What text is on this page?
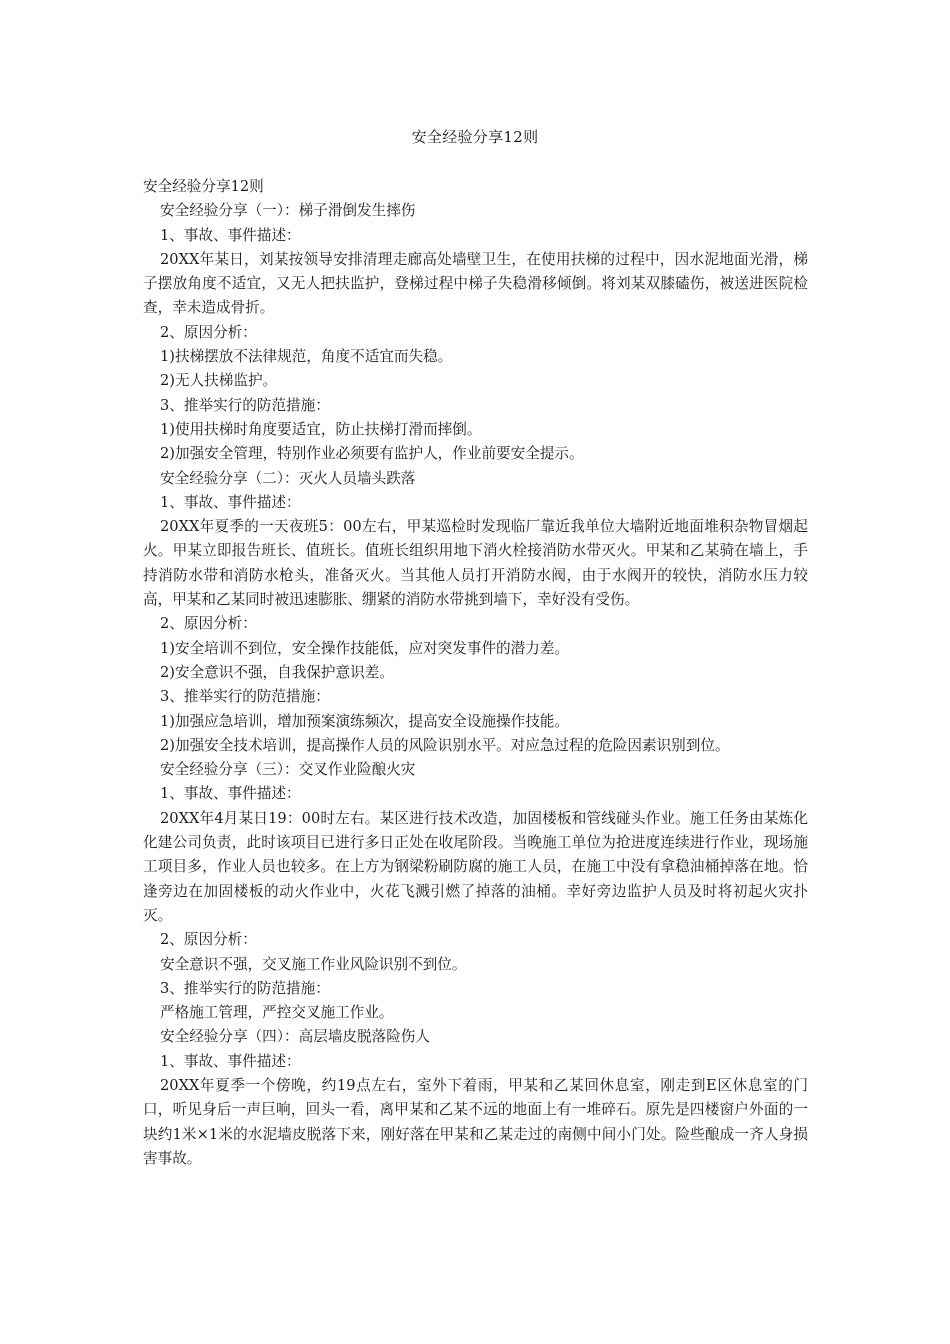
安全经验分享12则

安全经验分享12则

安全经验分享（一）：梯子滑倒发生摔伤

1、事故、事件描述：

20XX年某日，刘某按领导安排清理走廊高处墙壁卫生，在使用扶梯的过程中，因水泥地面光滑，梯子摆放角度不适宜，又无人把扶监护，登梯过程中梯子失稳滑移倾倒。将刘某双膝磕伤，被送进医院检查，幸未造成骨折。

2、原因分析：

1)扶梯摆放不法律规范，角度不适宜而失稳。

2)无人扶梯监护。

3、推举实行的防范措施：

1)使用扶梯时角度要适宜，防止扶梯打滑而摔倒。

2)加强安全管理，特别作业必须要有监护人，作业前要安全提示。

安全经验分享（二）：灭火人员墙头跌落

1、事故、事件描述：

20XX年夏季的一天夜班5：00左右，甲某巡检时发现临厂靠近我单位大墙附近地面堆积杂物冒烟起火。甲某立即报告班长、值班长。值班长组织用地下消火栓接消防水带灭火。甲某和乙某骑在墙上，手持消防水带和消防水枪头，准备灭火。当其他人员打开消防水阀，由于水阀开的较快，消防水压力较高，甲某和乙某同时被迅速膨胀、绷紧的消防水带挑到墙下，幸好没有受伤。

2、原因分析：

1)安全培训不到位，安全操作技能低，应对突发事件的潜力差。

2)安全意识不强，自我保护意识差。

3、推举实行的防范措施：

1)加强应急培训，增加预案演练频次，提高安全设施操作技能。

2)加强安全技术培训，提高操作人员的风险识别水平。对应急过程的危险因素识别到位。

安全经验分享（三）：交叉作业险酿火灾

1、事故、事件描述：

20XX年4月某日19：00时左右。某区进行技术改造，加固楼板和管线碰头作业。施工任务由某炼化化建公司负责，此时该项目已进行多日正处在收尾阶段。当晚施工单位为抢进度连续进行作业，现场施工项目多，作业人员也较多。在上方为钢梁粉刷防腐的施工人员，在施工中没有拿稳油桶掉落在地。恰逢旁边在加固楼板的动火作业中，火花飞溅引燃了掉落的油桶。幸好旁边监护人员及时将初起火灾扑灭。

2、原因分析：

安全意识不强，交叉施工作业风险识别不到位。

3、推举实行的防范措施：

严格施工管理，严控交叉施工作业。

安全经验分享（四）：高层墙皮脱落险伤人

1、事故、事件描述：

20XX年夏季一个傍晚，约19点左右，室外下着雨，甲某和乙某回休息室，刚走到E区休息室的门口，听见身后一声巨响，回头一看，离甲某和乙某不远的地面上有一堆碎石。原先是四楼窗户外面的一块约1米×1米的水泥墙皮脱落下来，刚好落在甲某和乙某走过的南侧中间小门处。险些酿成一齐人身损害事故。
